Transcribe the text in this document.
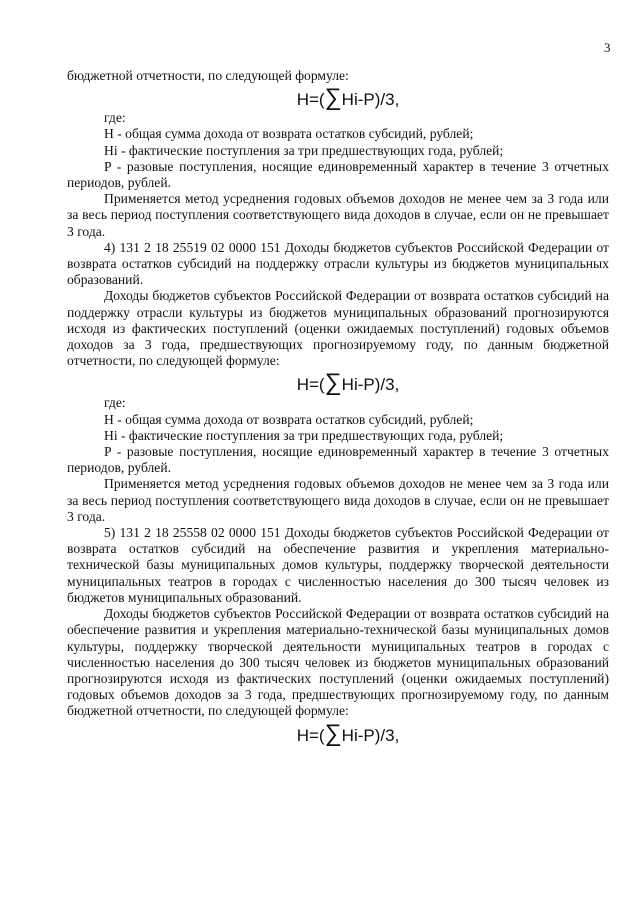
3

бюджетной отчетности, по следующей формуле:

H=(∑Hi-P)/3,

где:

H - общая сумма дохода от возврата остатков субсидий, рублей;

Hi - фактические поступления за три предшествующих года, рублей;

P - разовые поступления, носящие единовременный характер в течение 3 отчетных периодов, рублей.

Применяется метод усреднения годовых объемов доходов не менее чем за 3 года или за весь период поступления соответствующего вида доходов в случае, если он не превышает 3 года.

4) 131 2 18 25519 02 0000 151 Доходы бюджетов субъектов Российской Федерации от возврата остатков субсидий на поддержку отрасли культуры из бюджетов муниципальных образований.

Доходы бюджетов субъектов Российской Федерации от возврата остатков субсидий на поддержку отрасли культуры из бюджетов муниципальных образований прогнозируются исходя из фактических поступлений (оценки ожидаемых поступлений) годовых объемов доходов за 3 года, предшествующих прогнозируемому году, по данным бюджетной отчетности, по следующей формуле:

H=(∑Hi-P)/3,

где:

H - общая сумма дохода от возврата остатков субсидий, рублей;

Hi - фактические поступления за три предшествующих года, рублей;

P - разовые поступления, носящие единовременный характер в течение 3 отчетных периодов, рублей.

Применяется метод усреднения годовых объемов доходов не менее чем за 3 года или за весь период поступления соответствующего вида доходов в случае, если он не превышает 3 года.

5) 131 2 18 25558 02 0000 151 Доходы бюджетов субъектов Российской Федерации от возврата остатков субсидий на обеспечение развития и укрепления материально-технической базы муниципальных домов культуры, поддержку творческой деятельности муниципальных театров в городах с численностью населения до 300 тысяч человек из бюджетов муниципальных образований.

Доходы бюджетов субъектов Российской Федерации от возврата остатков субсидий на обеспечение развития и укрепления материально-технической базы муниципальных домов культуры, поддержку творческой деятельности муниципальных театров в городах с численностью населения до 300 тысяч человек из бюджетов муниципальных образований прогнозируются исходя из фактических поступлений (оценки ожидаемых поступлений) годовых объемов доходов за 3 года, предшествующих прогнозируемому году, по данным бюджетной отчетности, по следующей формуле:

H=(∑Hi-P)/3,
